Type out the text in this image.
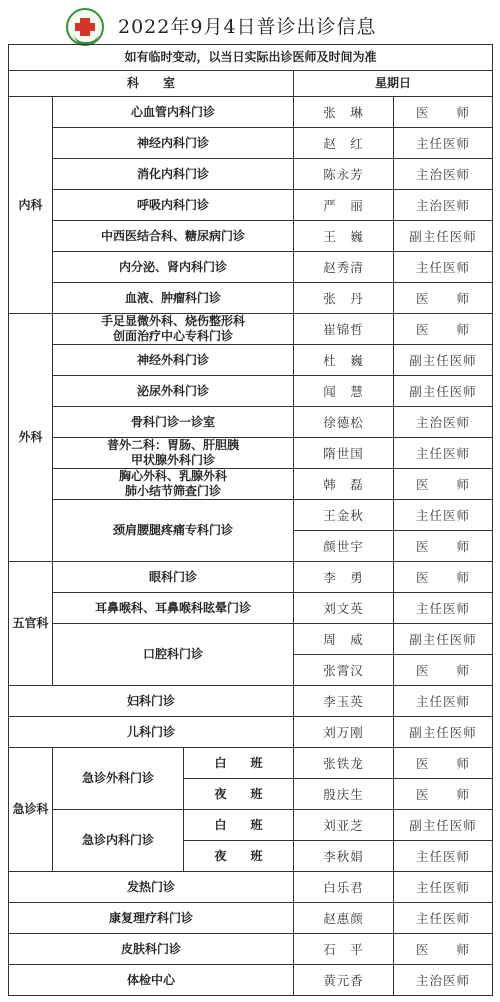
2022年9月4日普诊出诊信息
如有临时变动，以当日实际出诊医师及时间为准				
科　　室			星期日	
内科	心血管内科门诊		张　琳	医　　师
	神经内科门诊		赵　红	主任医师
	消化内科门诊		陈永芳	主治医师
	呼吸内科门诊		严　丽	主治医师
	中西医结合科、糖尿病门诊		王　巍	副主任医师
	内分泌、肾内科门诊		赵秀清	主任医师
	血液、肿瘤科门诊		张　丹	医　　师
外科	手足显微外科、烧伤整形科
创面治疗中心专科门诊		崔锦哲	医　　师
	神经外科门诊		杜　巍	副主任医师
	泌尿外科门诊		闻　慧	副主任医师
	骨科门诊一诊室		徐德松	主治医师

	普外二科：胃肠、肝胆胰
甲状腺外科门诊		隋世国	主任医师

	胸心外科、乳腺外科
肺小结节筛查门诊		韩　磊	医　　师
	颈肩腰腿疼痛专科门诊		王金秋	主任医师
			颜世宇	医　　师
五官科	眼科门诊		李　勇	医　　师
	耳鼻喉科、耳鼻喉科眩晕门诊		刘文英	主任医师
	口腔科门诊		周　威	副主任医师
			张霄汉	医　　师
妇科门诊			李玉英	主任医师
儿科门诊			刘万刚	副主任医师
急诊科	急诊外科门诊	白　　班	张铁龙	医　　师
		夜　　班	殷庆生	医　　师
	急诊内科门诊	白　　班	刘亚芝	副主任医师
		夜　　班	李秋娟	主任医师
发热门诊			白乐君	主任医师
康复理疗科门诊			赵惠颜	主任医师
皮肤科门诊			石　平	医　　师
体检中心			黄元香	主治医师
